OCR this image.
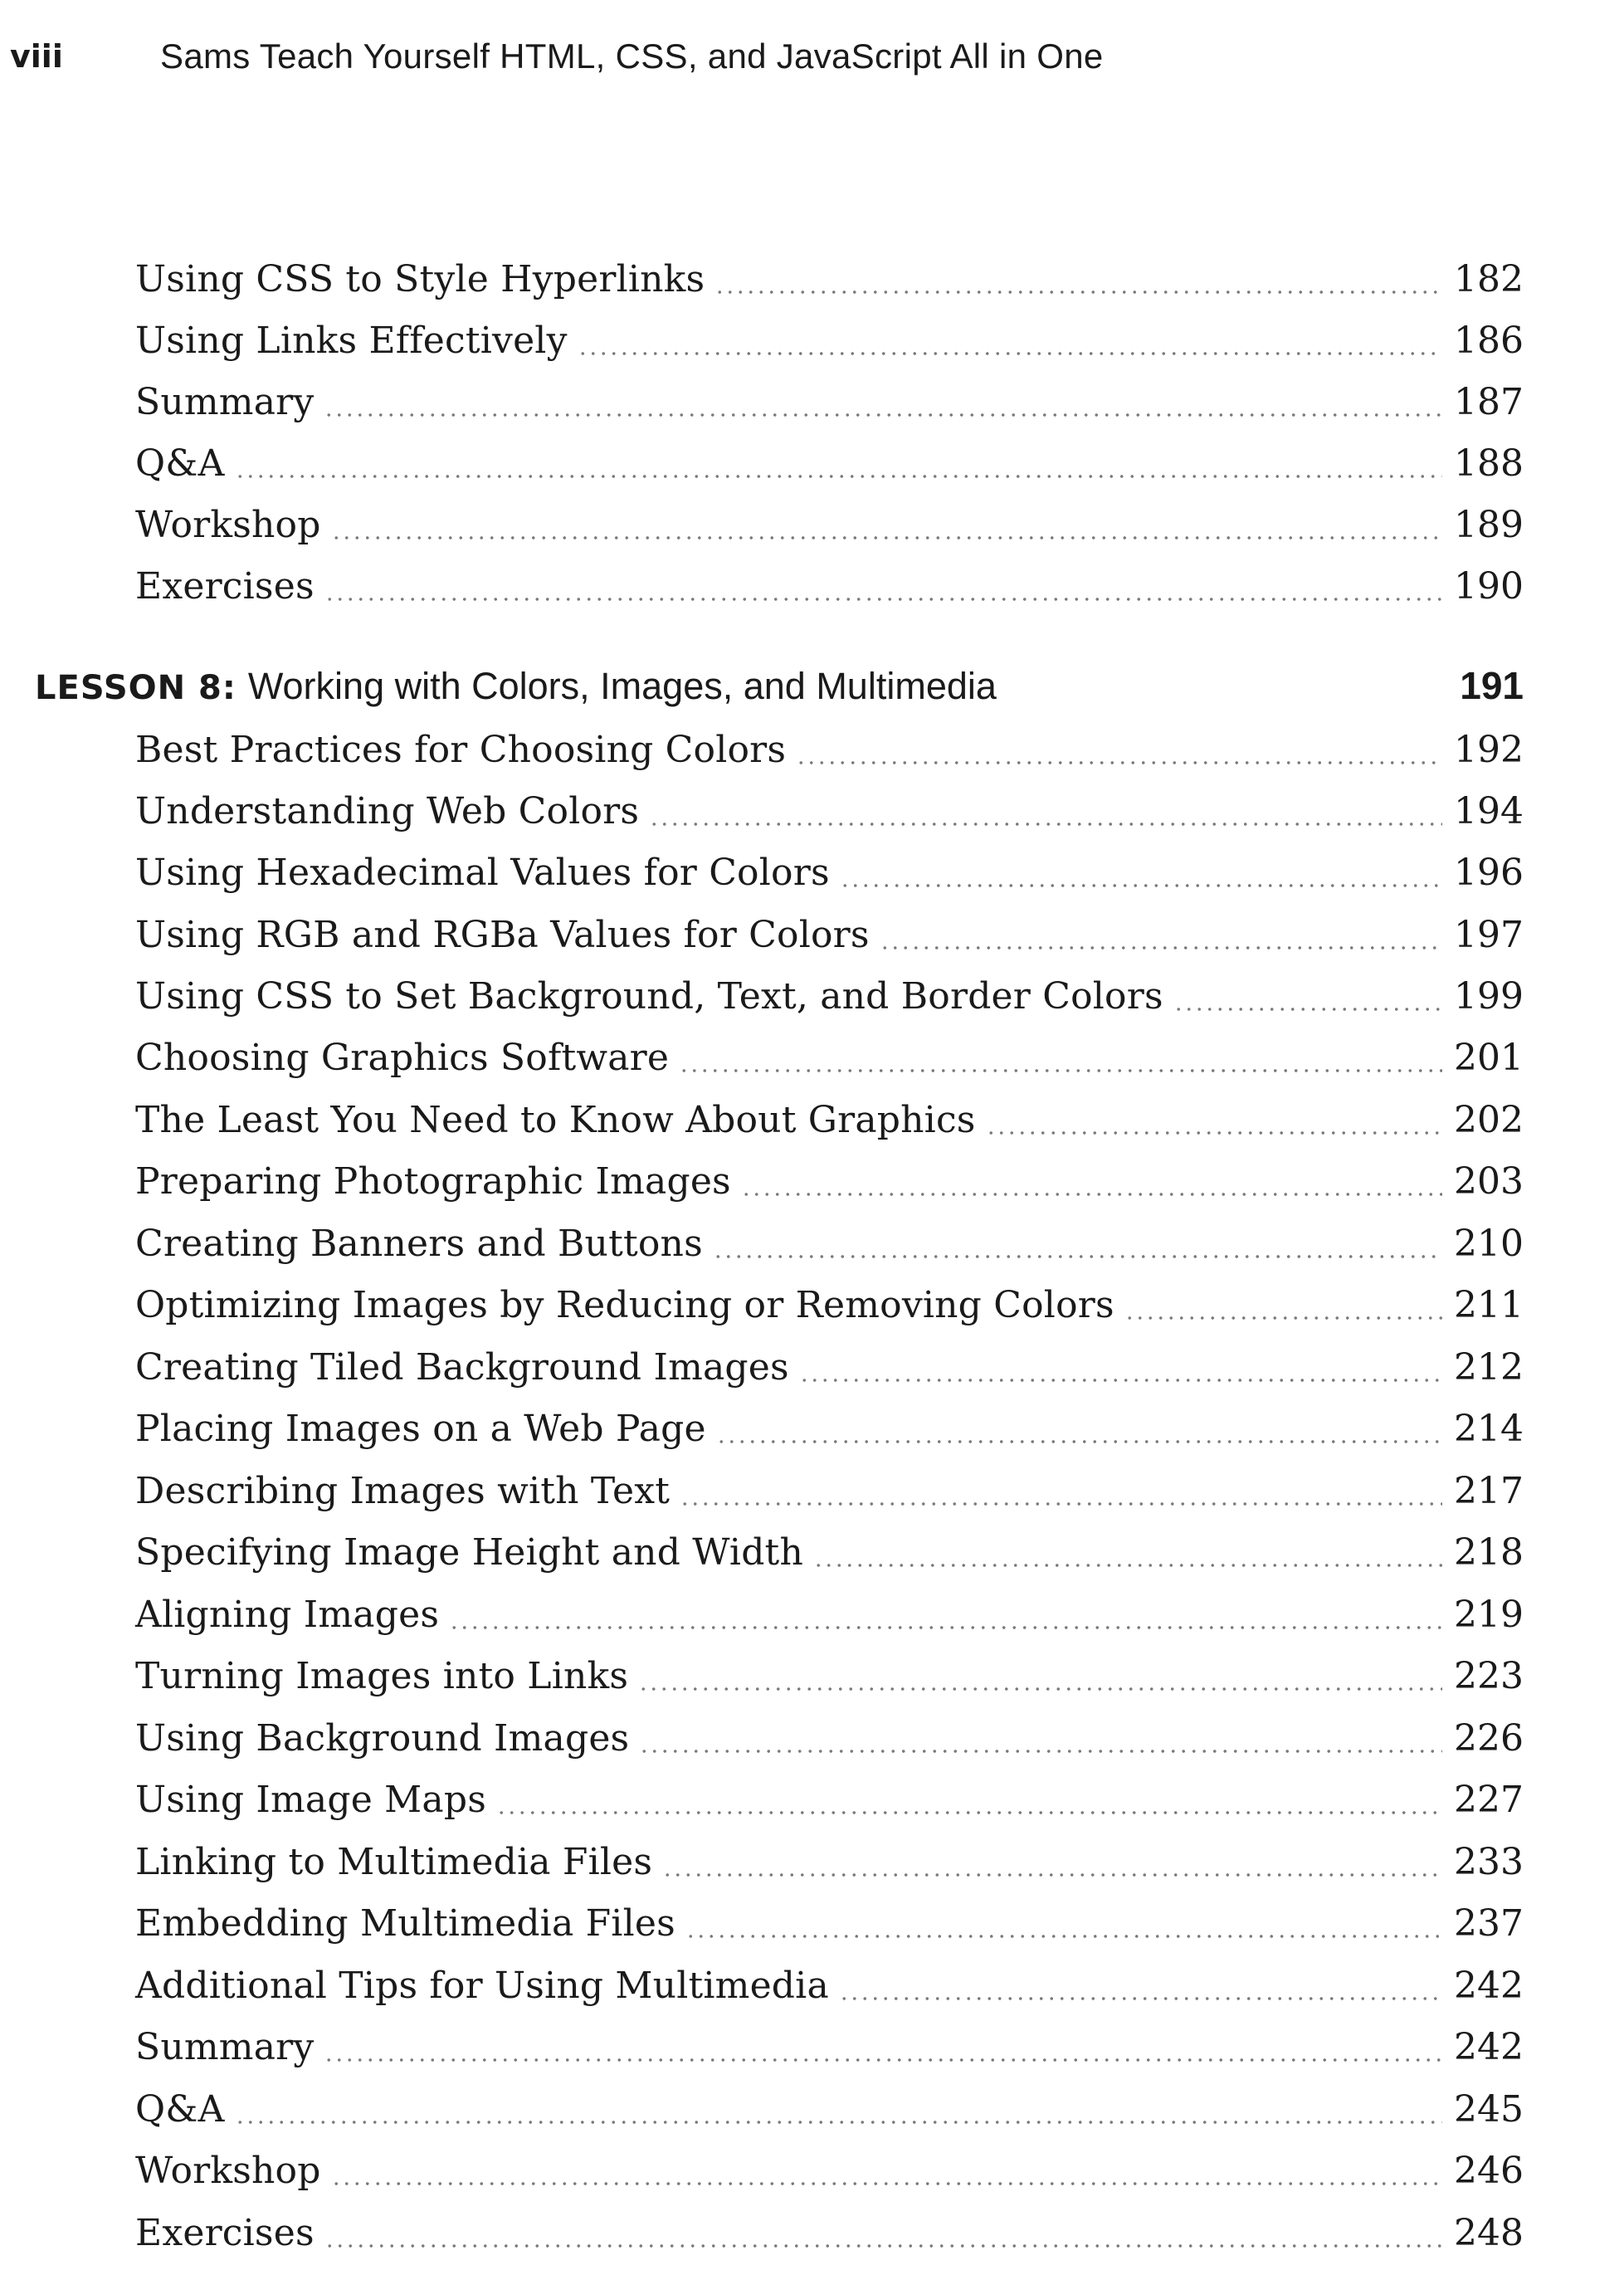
viii	Sams Teach Yourself HTML, CSS, and JavaScript All in One
Using CSS to Style Hyperlinks	182
Using Links Effectively	186
Summary	187
Q&A	188
Workshop	189
Exercises	190
LESSON 8: Working with Colors, Images, and Multimedia	191
Best Practices for Choosing Colors	192
Understanding Web Colors	194
Using Hexadecimal Values for Colors	196
Using RGB and RGBa Values for Colors	197
Using CSS to Set Background, Text, and Border Colors	199
Choosing Graphics Software	201
The Least You Need to Know About Graphics	202
Preparing Photographic Images	203
Creating Banners and Buttons	210
Optimizing Images by Reducing or Removing Colors	211
Creating Tiled Background Images	212
Placing Images on a Web Page	214
Describing Images with Text	217
Specifying Image Height and Width	218
Aligning Images	219
Turning Images into Links	223
Using Background Images	226
Using Image Maps	227
Linking to Multimedia Files	233
Embedding Multimedia Files	237
Additional Tips for Using Multimedia	242
Summary	242
Q&A	245
Workshop	246
Exercises	248
